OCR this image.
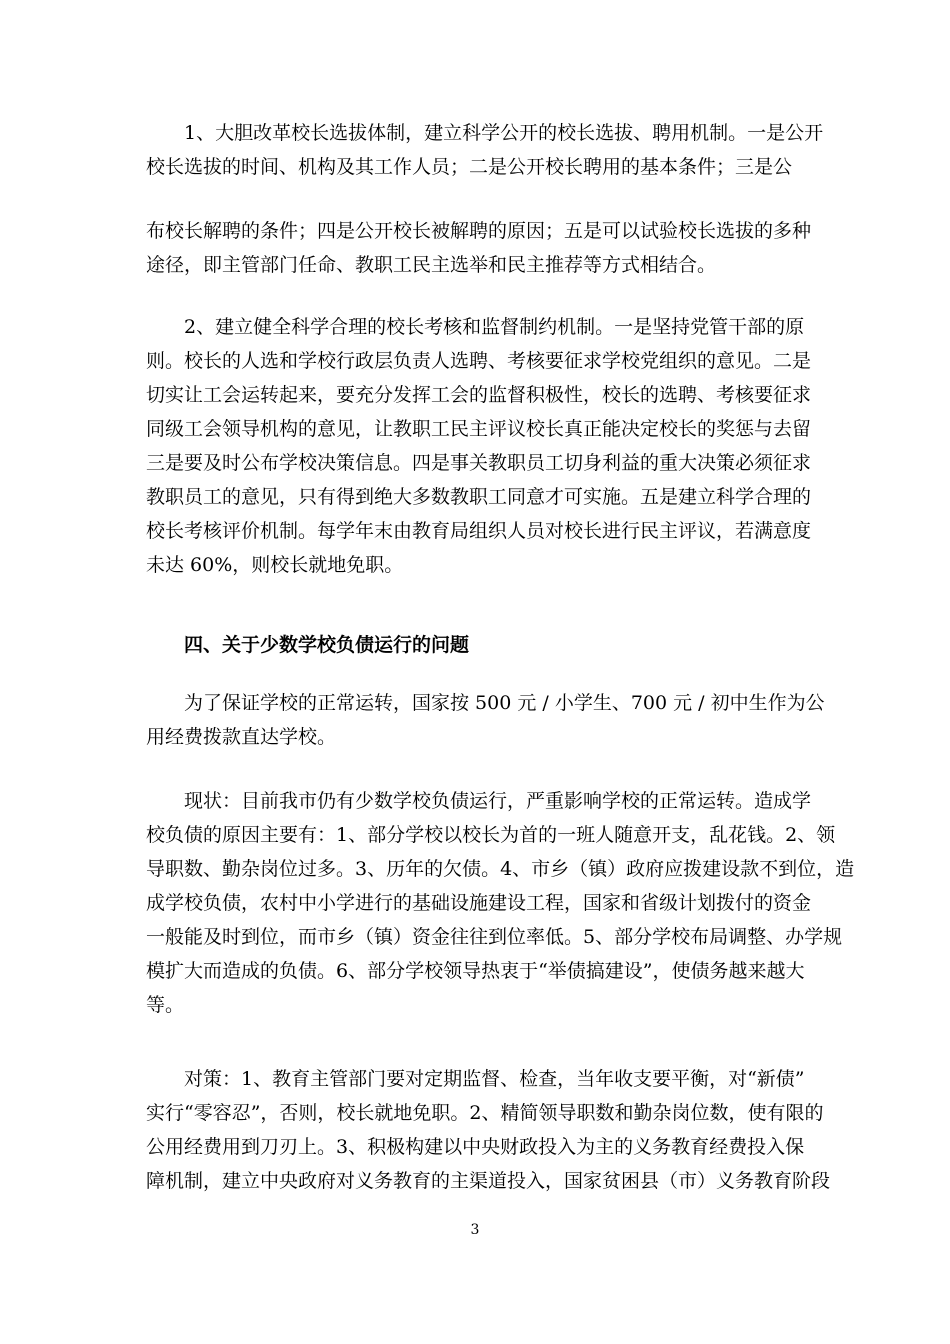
1、大胆改革校长选拔体制，建立科学公开的校长选拔、聘用机制。一是公开
校长选拔的时间、机构及其工作人员；二是公开校长聘用的基本条件；三是公
布校长解聘的条件；四是公开校长被解聘的原因；五是可以试验校长选拔的多种
途径，即主管部门任命、教职工民主选举和民主推荐等方式相结合。
2、建立健全科学合理的校长考核和监督制约机制。一是坚持党管干部的原
则。校长的人选和学校行政层负责人选聘、考核要征求学校党组织的意见。二是
切实让工会运转起来，要充分发挥工会的监督积极性，校长的选聘、考核要征求
同级工会领导机构的意见，让教职工民主评议校长真正能决定校长的奖惩与去留
三是要及时公布学校决策信息。四是事关教职员工切身利益的重大决策必须征求
教职员工的意见，只有得到绝大多数教职工同意才可实施。五是建立科学合理的
校长考核评价机制。每学年末由教育局组织人员对校长进行民主评议，若满意度
未达 60%，则校长就地免职。
四、关于少数学校负债运行的问题
为了保证学校的正常运转，国家按 500 元 / 小学生、700 元 / 初中生作为公
用经费拨款直达学校。
现状：目前我市仍有少数学校负债运行，严重影响学校的正常运转。造成学
校负债的原因主要有：1、部分学校以校长为首的一班人随意开支，乱花钱。2、领
导职数、勤杂岗位过多。3、历年的欠债。4、市乡（镇）政府应拨建设款不到位，造
成学校负债，农村中小学进行的基础设施建设工程，国家和省级计划拨付的资金
一般能及时到位，而市乡（镇）资金往往到位率低。5、部分学校布局调整、办学规
模扩大而造成的负债。6、部分学校领导热衷于“举债搞建设”，使债务越来越大
等。
对策：1、教育主管部门要对定期监督、检查，当年收支要平衡，对“新债”
实行“零容忍”，否则，校长就地免职。2、精简领导职数和勤杂岗位数，使有限的
公用经费用到刀刃上。3、积极构建以中央财政投入为主的义务教育经费投入保
障机制，建立中央政府对义务教育的主渠道投入，国家贫困县（市）义务教育阶段
3
